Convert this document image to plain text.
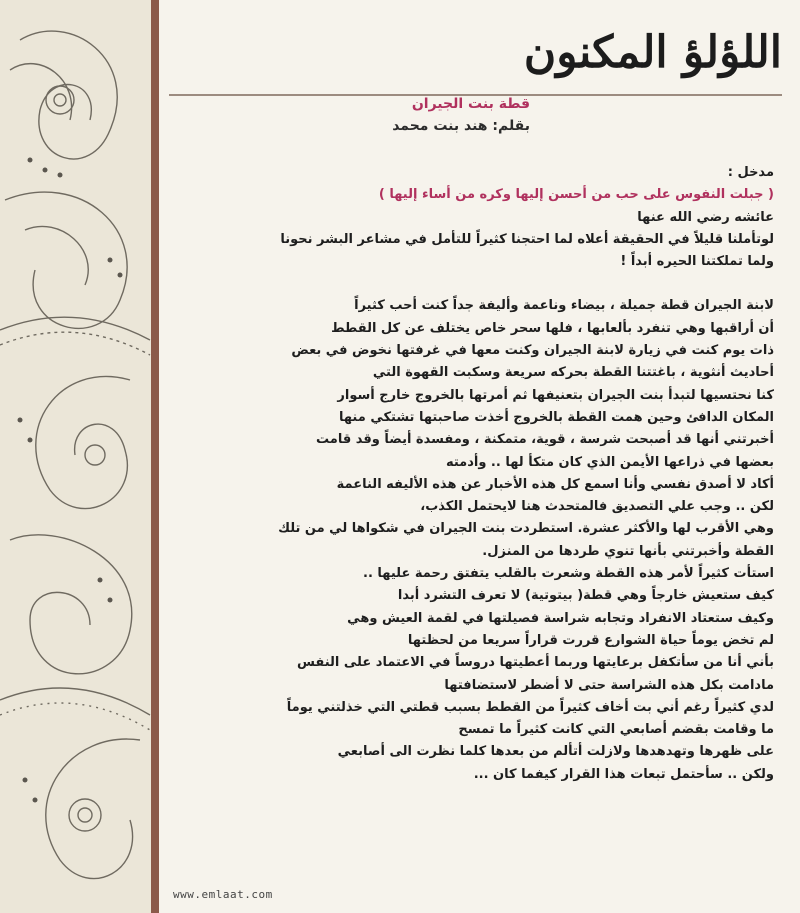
اللؤلؤ المكنون
قطة بنت الجيران
بقلم: هند بنت محمد

مدخل :

( جبلت النفوس على حب من أحسن إليها وكره من أساء إليها )

عائشه رضي الله عنها

لوتأملنا قليلاً في الحقيقة أعلاه لما احتجنا كثيراً للتأمل في مشاعر البشر نحونا

ولما تملكتنا الحيره أبداً !

لابنة الجيران قطة جميلة ، بيضاء وناعمة وأليفة جداً كنت أحب كثيراً

أن أراقبها وهي تنفرد بألعابها ، فلها سحر خاص يختلف عن كل القطط

ذات يوم كنت في زيارة لابنة الجيران وكنت معها في غرفتها نخوض في بعض

أحاديث أنثوية ، باغتتنا القطة بحركه سريعة وسكبت القهوة التي

كنا نحتسيها لتبدأ بنت الجيران بتعنيفها ثم أمرتها بالخروج خارج أسوار

المكان الدافئ وحين همت القطة بالخروج أخذت صاحبتها تشتكي منها

أخبرتني أنها قد أصبحت شرسة ، قوية، متمكنة ، ومفسدة أيضاً وقد قامت

بعضها في ذراعها الأيمن الذي كان متكأ لها .. وأدمته

أكاد لا أصدق نفسي وأنا اسمع كل هذه الأخبار عن هذه الأليفه الناعمة

لكن .. وجب علي التصديق فالمتحدث هنا لايحتمل الكذب،

وهي الأقرب لها والأكثر عشرة. استطردت بنت الجيران في شكواها لي من تلك

القطة وأخبرتني بأنها تنوي طردها من المنزل.

استأت كثيراً لأمر هذه القطة وشعرت بالقلب يتفتق رحمة عليها ..

كيف ستعيش خارجاً وهي قطة( بيتوتية) لا تعرف التشرد أبدا

وكيف ستعتاد الانفراد وتجابه شراسة فصيلتها في لقمة العيش وهي

لم تخض يوماً حياة الشوارع قررت قراراً سريعا من لحظتها

بأني أنا من سأتكفل برعايتها وربما أعطيتها دروساً في الاعتماد على النفس

مادامت بكل هذه الشراسة حتى لا أضطر لاستضافتها

لدي كثيراً رغم أني بت أخاف كثيراً من القطط بسبب قطتي التي خذلتني يوماً

ما وقامت بقضم أصابعي التي كانت كثيراً ما تمسح

على ظهرها وتهدهدها ولازلت أتألم من بعدها كلما نظرت الى أصابعي

ولكن .. سأحتمل تبعات هذا القرار كيفما كان ...

www.emlaat.com
